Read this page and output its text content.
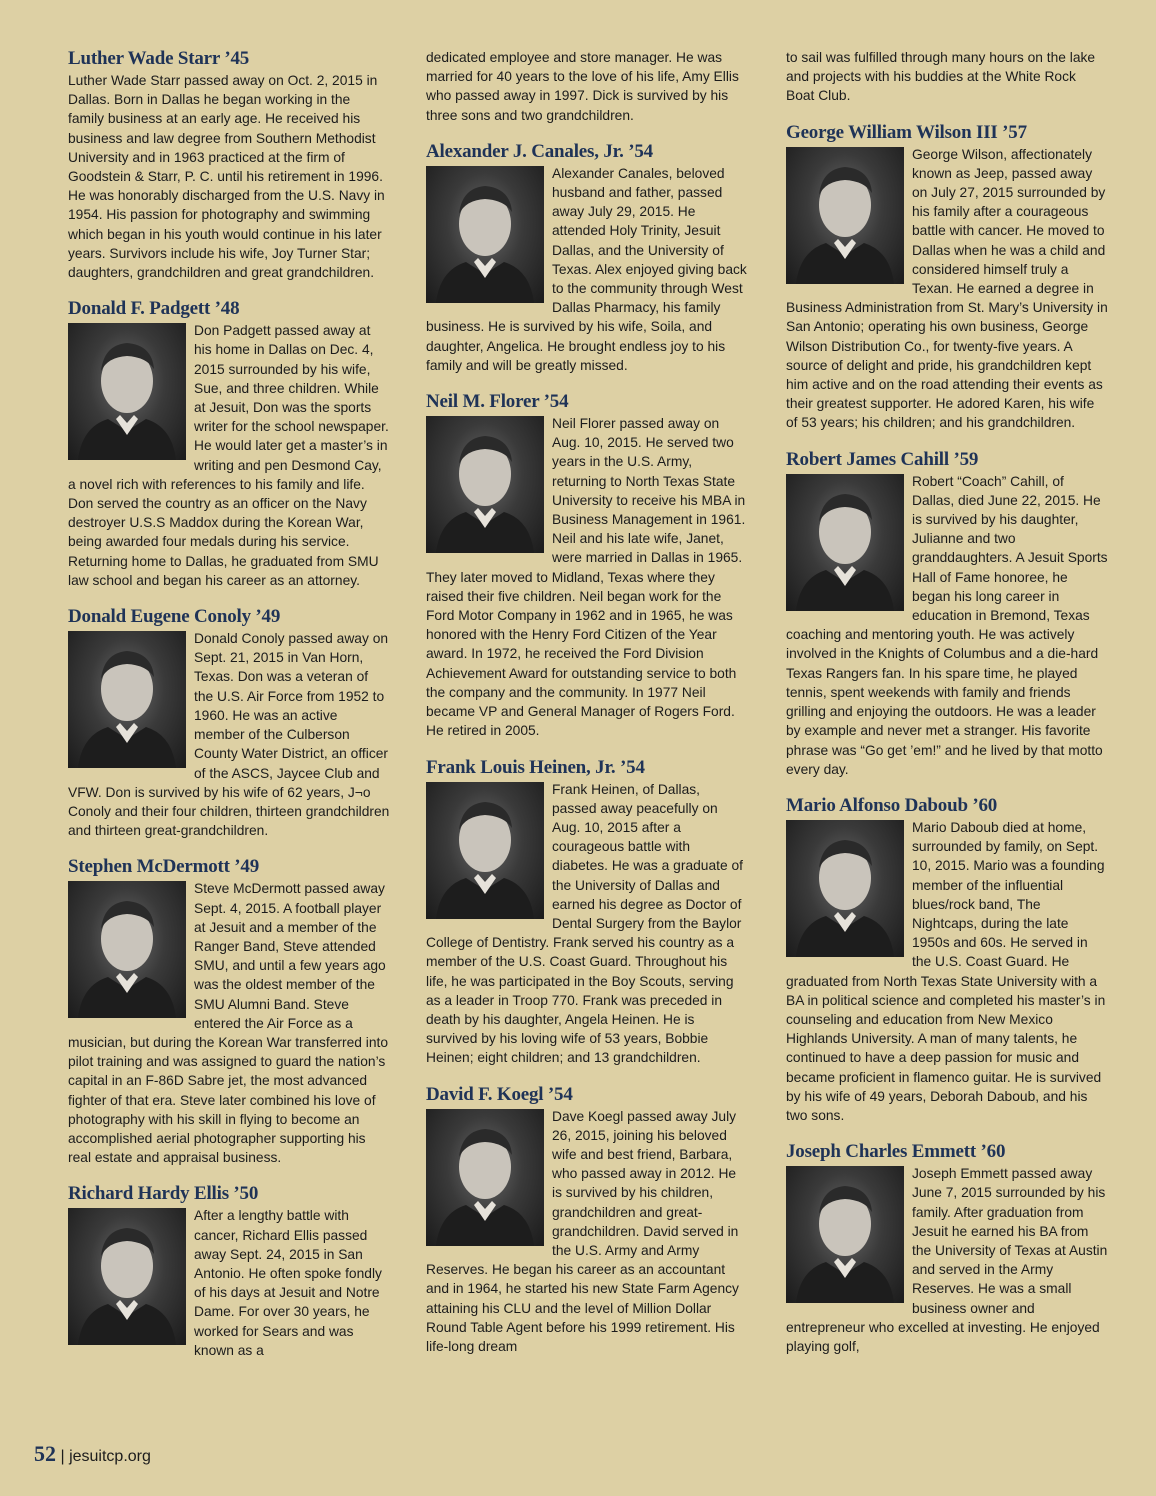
Luther Wade Starr ’45

Luther Wade Starr passed away on Oct. 2, 2015 in Dallas. Born in Dallas he began working in the family business at an early age. He received his business and law degree from Southern Methodist University and in 1963 practiced at the firm of Goodstein & Starr, P. C. until his retirement in 1996. He was honorably discharged from the U.S. Navy in 1954. His passion for photography and swimming which began in his youth would continue in his later years. Survivors include his wife, Joy Turner Star; daughters, grandchildren and great grandchildren.

Donald F. Padgett ’48

Don Padgett passed away at his home in Dallas on Dec. 4, 2015 surrounded by his wife, Sue, and three children. While at Jesuit, Don was the sports writer for the school newspaper. He would later get a master’s in writing and pen Desmond Cay, a novel rich with references to his family and life. Don served the country as an officer on the Navy destroyer U.S.S Maddox during the Korean War, being awarded four medals during his service. Returning home to Dallas, he graduated from SMU law school and began his career as an attorney.

Donald Eugene Conoly ’49

Donald Conoly passed away on Sept. 21, 2015 in Van Horn, Texas. Don was a veteran of the U.S. Air Force from 1952 to 1960. He was an active member of the Culberson County Water District, an officer of the ASCS, Jaycee Club and VFW. Don is survived by his wife of 62 years, J¬o Conoly and their four children, thirteen grandchildren and thirteen great-grandchildren.

Stephen McDermott ’49

Steve McDermott passed away Sept. 4, 2015. A football player at Jesuit and a member of the Ranger Band, Steve attended SMU, and until a few years ago was the oldest member of the SMU Alumni Band. Steve entered the Air Force as a musician, but during the Korean War transferred into pilot training and was assigned to guard the nation’s capital in an F-86D Sabre jet, the most advanced fighter of that era. Steve later combined his love of photography with his skill in flying to become an accomplished aerial photographer supporting his real estate and appraisal business.

Richard Hardy Ellis ’50

After a lengthy battle with cancer, Richard Ellis passed away Sept. 24, 2015 in San Antonio. He often spoke fondly of his days at Jesuit and Notre Dame. For over 30 years, he worked for Sears and was known as a

dedicated employee and store manager. He was married for 40 years to the love of his life, Amy Ellis who passed away in 1997. Dick is survived by his three sons and two grandchildren.

Alexander J. Canales, Jr. ’54

Alexander Canales, beloved husband and father, passed away July 29, 2015. He attended Holy Trinity, Jesuit Dallas, and the University of Texas. Alex enjoyed giving back to the community through West Dallas Pharmacy, his family business. He is survived by his wife, Soila, and daughter, Angelica. He brought endless joy to his family and will be greatly missed.

Neil M. Florer ’54

Neil Florer passed away on Aug. 10, 2015. He served two years in the U.S. Army, returning to North Texas State University to receive his MBA in Business Management in 1961. Neil and his late wife, Janet, were married in Dallas in 1965. They later moved to Midland, Texas where they raised their five children. Neil began work for the Ford Motor Company in 1962 and in 1965, he was honored with the Henry Ford Citizen of the Year award. In 1972, he received the Ford Division Achievement Award for outstanding service to both the company and the community. In 1977 Neil became VP and General Manager of Rogers Ford. He retired in 2005.

Frank Louis Heinen, Jr. ’54

Frank Heinen, of Dallas, passed away peacefully on Aug. 10, 2015 after a courageous battle with diabetes. He was a graduate of the University of Dallas and earned his degree as Doctor of Dental Surgery from the Baylor College of Dentistry. Frank served his country as a member of the U.S. Coast Guard. Throughout his life, he was participated in the Boy Scouts, serving as a leader in Troop 770. Frank was preceded in death by his daughter, Angela Heinen. He is survived by his loving wife of 53 years, Bobbie Heinen; eight children; and 13 grandchildren.

David F. Koegl ’54

Dave Koegl passed away July 26, 2015, joining his beloved wife and best friend, Barbara, who passed away in 2012. He is survived by his children, grandchildren and great-grandchildren. David served in the U.S. Army and Army Reserves. He began his career as an accountant and in 1964, he started his new State Farm Agency attaining his CLU and the level of Million Dollar Round Table Agent before his 1999 retirement. His life-long dream

to sail was fulfilled through many hours on the lake and projects with his buddies at the White Rock Boat Club.

George William Wilson III ’57

George Wilson, affectionately known as Jeep, passed away on July 27, 2015 surrounded by his family after a courageous battle with cancer. He moved to Dallas when he was a child and considered himself truly a Texan. He earned a degree in Business Administration from St. Mary’s University in San Antonio; operating his own business, George Wilson Distribution Co., for twenty-five years. A source of delight and pride, his grandchildren kept him active and on the road attending their events as their greatest supporter. He adored Karen, his wife of 53 years; his children; and his grandchildren.

Robert James Cahill ’59

Robert “Coach” Cahill, of Dallas, died June 22, 2015. He is survived by his daughter, Julianne and two granddaughters. A Jesuit Sports Hall of Fame honoree, he began his long career in education in Bremond, Texas coaching and mentoring youth. He was actively involved in the Knights of Columbus and a die-hard Texas Rangers fan. In his spare time, he played tennis, spent weekends with family and friends grilling and enjoying the outdoors. He was a leader by example and never met a stranger. His favorite phrase was “Go get ’em!” and he lived by that motto every day.

Mario Alfonso Daboub ’60

Mario Daboub died at home, surrounded by family, on Sept. 10, 2015. Mario was a founding member of the influential blues/rock band, The Nightcaps, during the late 1950s and 60s. He served in the U.S. Coast Guard. He graduated from North Texas State University with a BA in political science and completed his master’s in counseling and education from New Mexico Highlands University. A man of many talents, he continued to have a deep passion for music and became proficient in flamenco guitar. He is survived by his wife of 49 years, Deborah Daboub, and his two sons.

Joseph Charles Emmett ’60

Joseph Emmett passed away June 7, 2015 surrounded by his family. After graduation from Jesuit he earned his BA from the University of Texas at Austin and served in the Army Reserves. He was a small business owner and entrepreneur who excelled at investing. He enjoyed playing golf,

52 | jesuitcp.org
